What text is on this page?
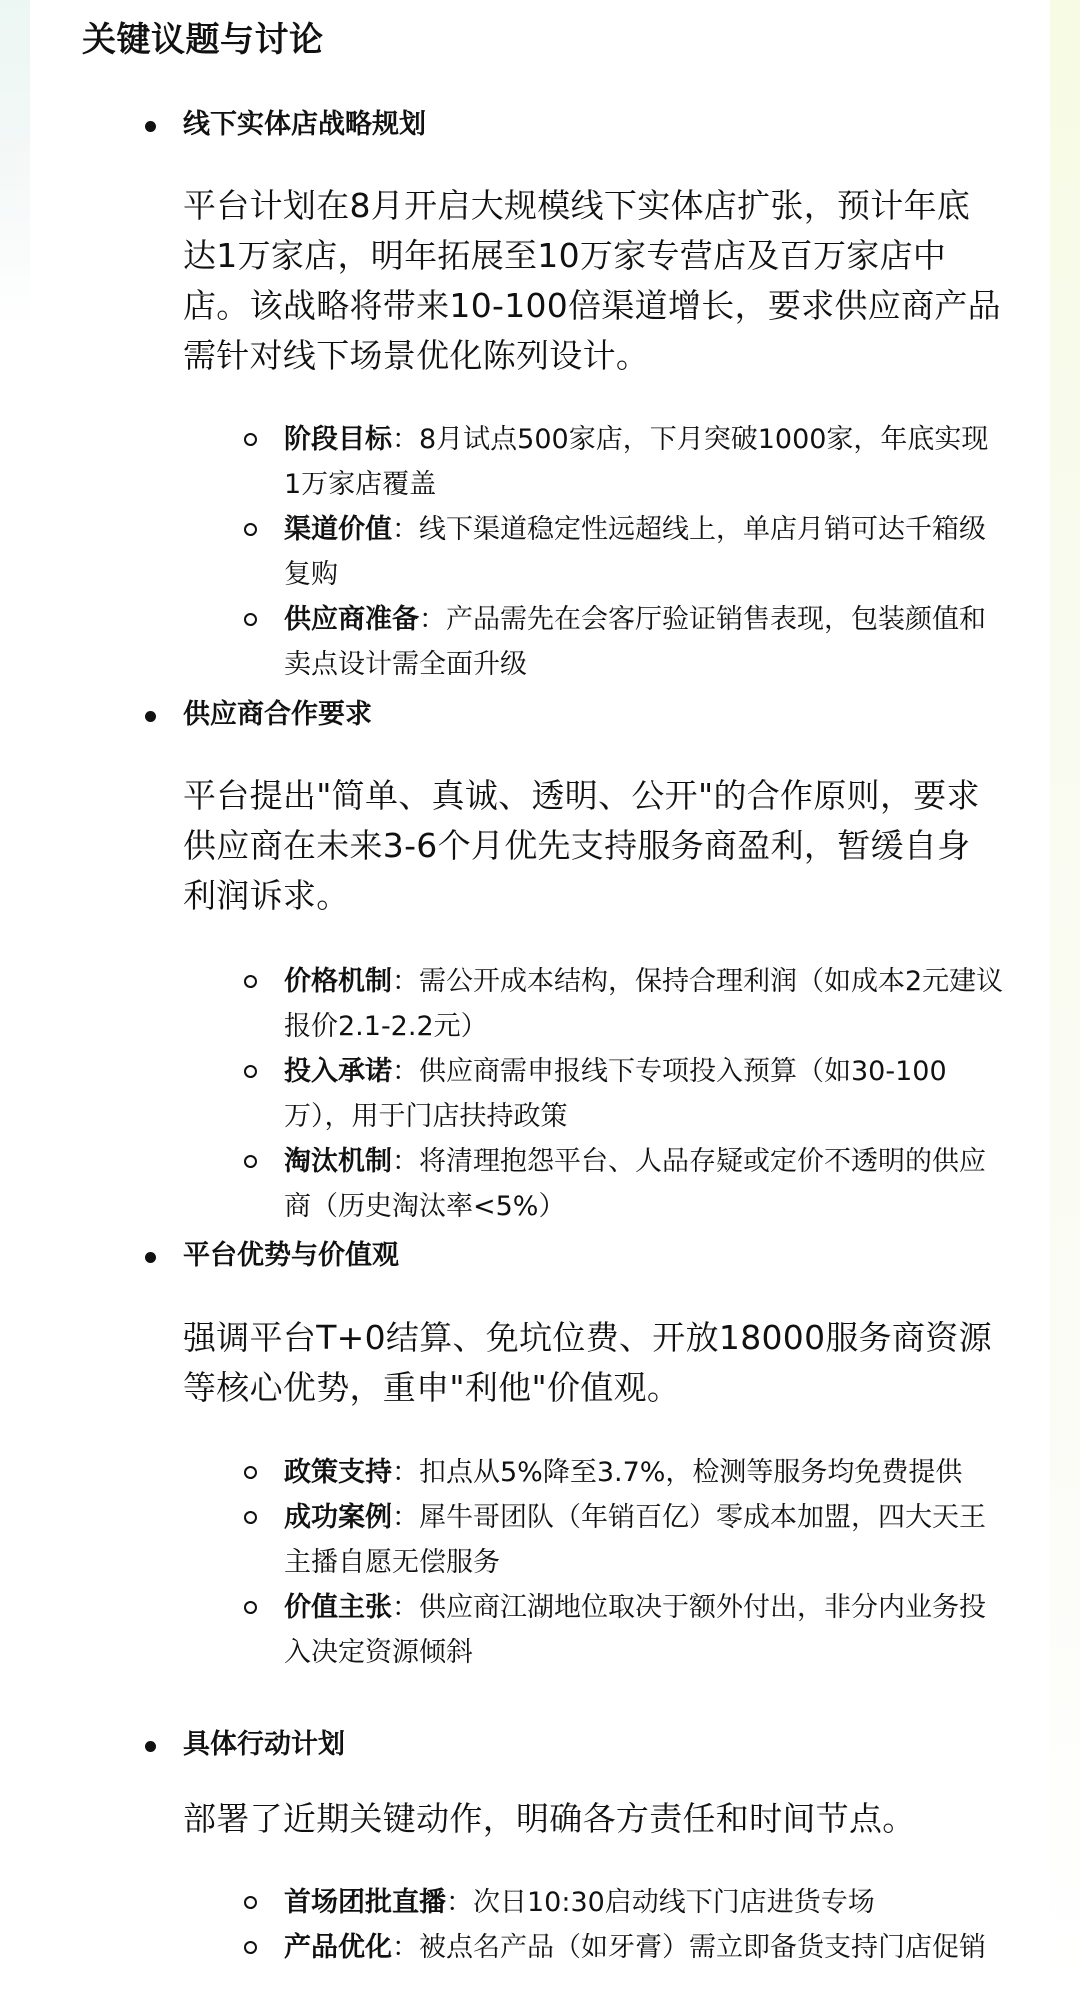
关键议题与讨论
线下实体店战略规划

平台计划在8月开启大规模线下实体店扩张，预计年底达1万家店，明年拓展至10万家专营店及百万家店中店。该战略将带来10-100倍渠道增长，要求供应商产品需针对线下场景优化陈列设计。

阶段目标：8月试点500家店，下月突破1000家，年底实现1万家店覆盖
渠道价值：线下渠道稳定性远超线上，单店月销可达千箱级复购
供应商准备：产品需先在会客厅验证销售表现，包装颜值和卖点设计需全面升级
供应商合作要求

平台提出"简单、真诚、透明、公开"的合作原则，要求供应商在未来3-6个月优先支持服务商盈利，暂缓自身利润诉求。

价格机制：需公开成本结构，保持合理利润（如成本2元建议报价2.1-2.2元）
投入承诺：供应商需申报线下专项投入预算（如30-100万），用于门店扶持政策
淘汰机制：将清理抱怨平台、人品存疑或定价不透明的供应商（历史淘汰率<5%）
平台优势与价值观

强调平台T+0结算、免坑位费、开放18000服务商资源等核心优势，重申"利他"价值观。

政策支持：扣点从5%降至3.7%，检测等服务均免费提供
成功案例：犀牛哥团队（年销百亿）零成本加盟，四大天王主播自愿无偿服务
价值主张：供应商江湖地位取决于额外付出，非分内业务投入决定资源倾斜
具体行动计划

部署了近期关键动作，明确各方责任和时间节点。

首场团批直播：次日10:30启动线下门店进货专场
产品优化：被点名产品（如牙膏）需立即备货支持门店促销
